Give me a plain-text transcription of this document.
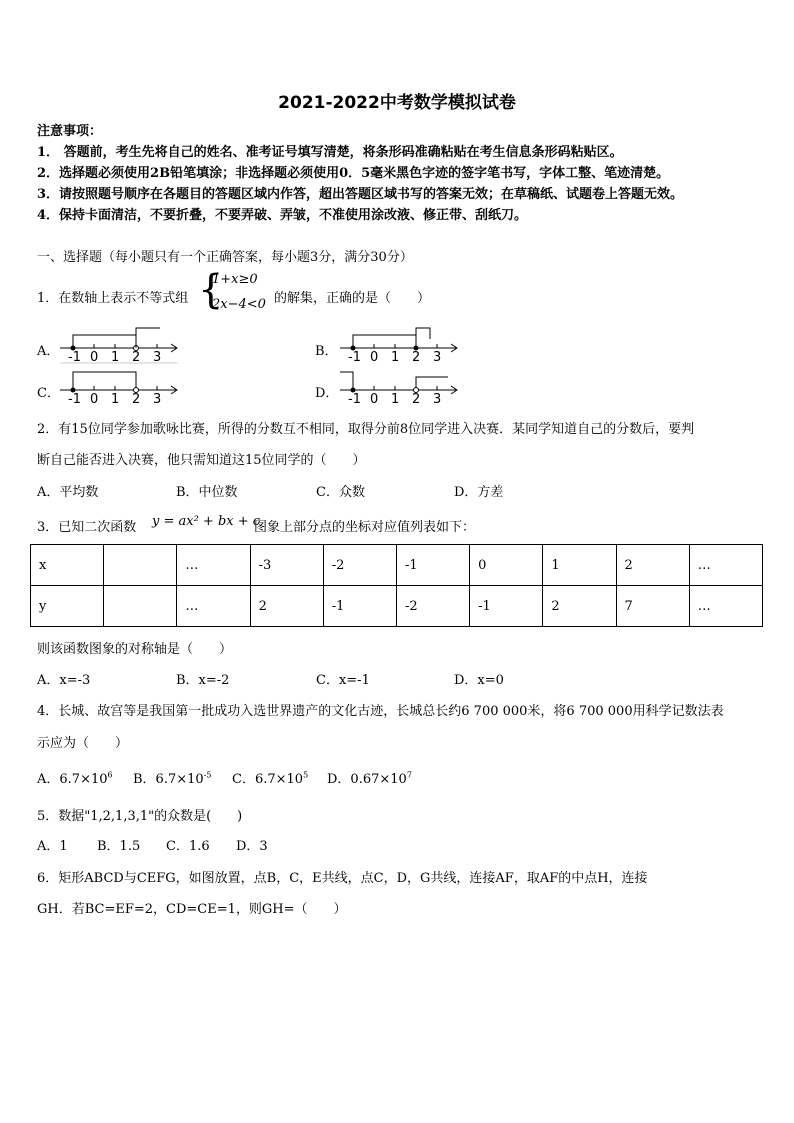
2021-2022中考数学模拟试卷
注意事项：
1． 答题前，考生先将自己的姓名、准考证号填写清楚，将条形码准确粘贴在考生信息条形码粘贴区。
2．选择题必须使用2B铅笔填涂；非选择题必须使用0．5毫米黑色字迹的签字笔书写，字体工整、笔迹清楚。
3．请按照题号顺序在各题目的答题区域内作答，超出答题区域书写的答案无效；在草稿纸、试题卷上答题无效。
4．保持卡面清洁，不要折叠，不要弄破、弄皱，不准使用涂改液、修正带、刮纸刀。
一、选择题（每小题只有一个正确答案，每小题3分，满分30分）
1．在数轴上表示不等式组 {
1+x≥0
2x−4<0 的解集，正确的是（　　）
A．	B．
C．	D．
-1 0 1 2 3	-1 0 1 2 3
-1 0 1 2 3	-1 0 1 2 3
2．有15位同学参加歌咏比赛，所得的分数互不相同，取得分前8位同学进入决赛．某同学知道自己的分数后，要判
断自己能否进入决赛，他只需知道这15位同学的（　　）
A．平均数	B．中位数	C．众数	D．方差
3．已知二次函数 y = ax² + bx + c
图象上部分点的坐标对应值列表如下：
x		…	-3	-2	-1	0	1	2	…
y		…	2	-1	-2	-1	2	7	…
则该函数图象的对称轴是（　　）
A．x=-3	B．x=-2	C．x=-1	D．x=0
4．长城、故宫等是我国第一批成功入选世界遗产的文化古迹，长城总长约6 700 000米，将6 700 000用科学记数法表
示应为（　　）
A．$6.7\times 10^6$ B．$6.7\times 10^{-5}$ C．$6.7\times 10^5$ D．$0.67\times 10^7$
5．数据"1,2,1,3,1"的众数是(　　)
A．1 B．1.5 C．1.6 D．3
6．矩形ABCD与CEFG，如图放置，点B，C，E共线，点C，D，G共线，连接AF，取AF的中点H，连接
GH．若BC=EF=2，CD=CE=1，则GH=（　　）
